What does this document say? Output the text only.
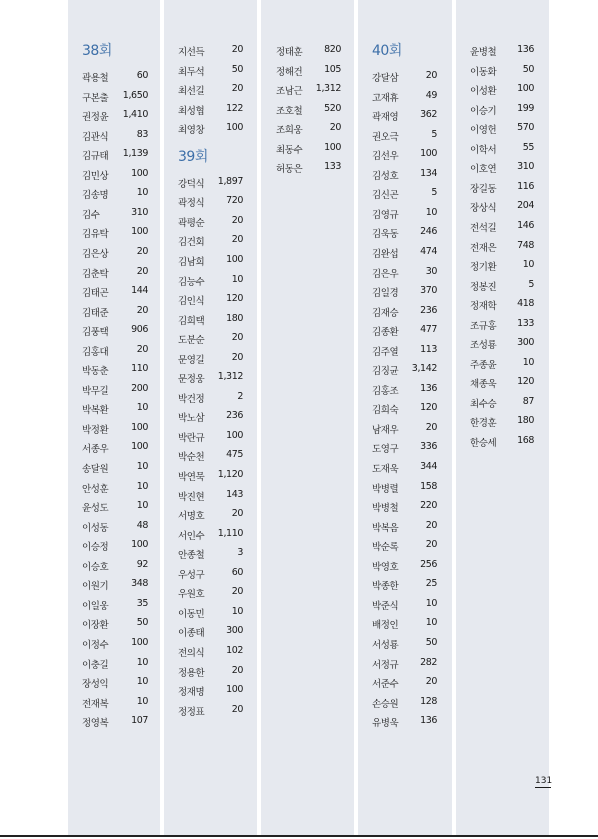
38회
곽용철	60
구본출 1,650
권정윤 1,410
김관식	83
김규태 1,139
김민상 100
김송명	10
김수	310
김유탁 100
김은상	20
김춘탁	20
김태곤 144
김태준	20
김풍택 906
김홍대	20
박동춘 110
박무길 200
박복환	10
박정환 100
서종우 100
송달원	10
안성훈	10
윤성도	10
이성동	48
이승정 100
이승호	92
이원기 348
이일웅	35
이장환	50
이정수 100
이충길	10
장성익	10
전재복	10
정영복 107
지선득	20
최두석	50
최선길	20
최성협 122
최영창 100
39회
강덕식 1,897
곽정식 720
곽평순	20
김건회	20
김남희 100
김능수	10
김인식 120
김희택 180
도분순	20
문영길	20
문정웅 1,312
박건정	2
박노삼 236
박란규 100
박순천 475
박연묵 1,120
박진현 143
서명호	20
서인수 1,110
안종철	3
우성구	60
우원호	20
이동민	10
이종태 300
전의식 102
정용한	20
정재명 100
정정표	20
정태훈 820
정해건 105
조남근 1,312
조호철 520
조희웅	20
최동수 100
허동은 133
40회
강달삼	20
고재휴	49
곽재영 362
권오극	5
김선우 100
김성호 134
김신곤	5
김영규	10
김욱동 246
김완섭 474
김은우	30
김일경 370
김재승 236
김종환 477
김주열 113
김징균 3,142
김홍조 136
김희숙 120
남재우	20
도영구 336
도재욱 344
박병렬 158
박병철 220
박복음	20
박순록	20
박영호 256
박종한	25
박준식	10
배정인	10
서성룡	50
서정규 282
서준수	20
손승원 128
유병욱 136
윤병철 136
이동화	50
이성환 100
이승기 199
이영헌 570
이학서	55
이호연 310
장길동 116
장상식 204
전석길 146
전재은 748
정기환	10
정봉진	5
정재학 418
조규홍 133
조성룡 300
주종윤	10
채종욱 120
최수승	87
한경훈 180
한승세 168
131
